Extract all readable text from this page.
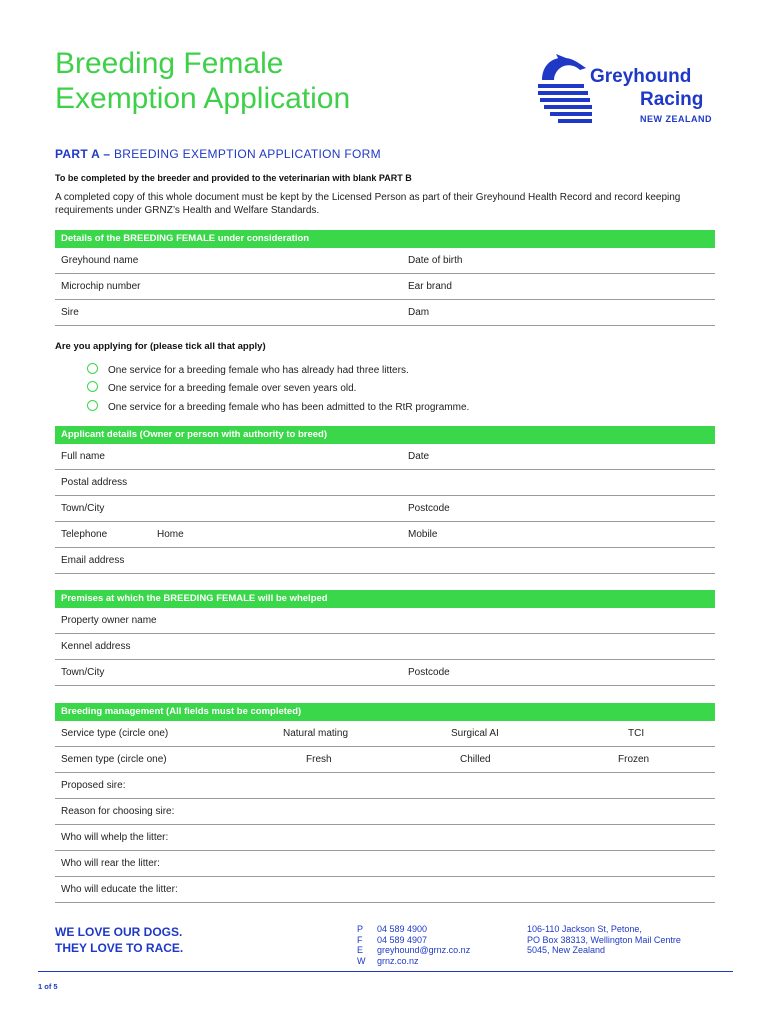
Breeding Female
Exemption Application
Greyhound
Racing
NEW ZEALAND
PART A – BREEDING EXEMPTION APPLICATION FORM
To be completed by the breeder and provided to the veterinarian with blank PART B
A completed copy of this whole document must be kept by the Licensed Person as part of their Greyhound Health Record and record keeping requirements under GRNZ’s Health and Welfare Standards.
Details of the BREEDING FEMALE under consideration
Greyhound name	Date of birth
Microchip number	Ear brand
Sire	Dam
Are you applying for (please tick all that apply)
One service for a breeding female who has already had three litters.
One service for a breeding female over seven years old.
One service for a breeding female who has been admitted to the RtR programme.
Applicant details (Owner or person with authority to breed)
Full name	Date
Postal address
Town/City	Postcode
Telephone	Home	Mobile
Email address
Premises at which the BREEDING FEMALE will be whelped
Property owner name
Kennel address
Town/City	Postcode
Breeding management (All fields must be completed)
Service type (circle one)	Natural mating	Surgical AI	TCI
Semen type (circle one)	Fresh	Chilled	Frozen
Proposed sire:
Reason for choosing sire:
Who will whelp the litter:
Who will rear the litter:
Who will educate the litter:
WE LOVE OUR DOGS.
THEY LOVE TO RACE.
P 04 589 4900
F 04 589 4907
E greyhound@grnz.co.nz
W grnz.co.nz
106-110 Jackson St, Petone,
PO Box 38313, Wellington Mail Centre
5045, New Zealand
1 of 5
